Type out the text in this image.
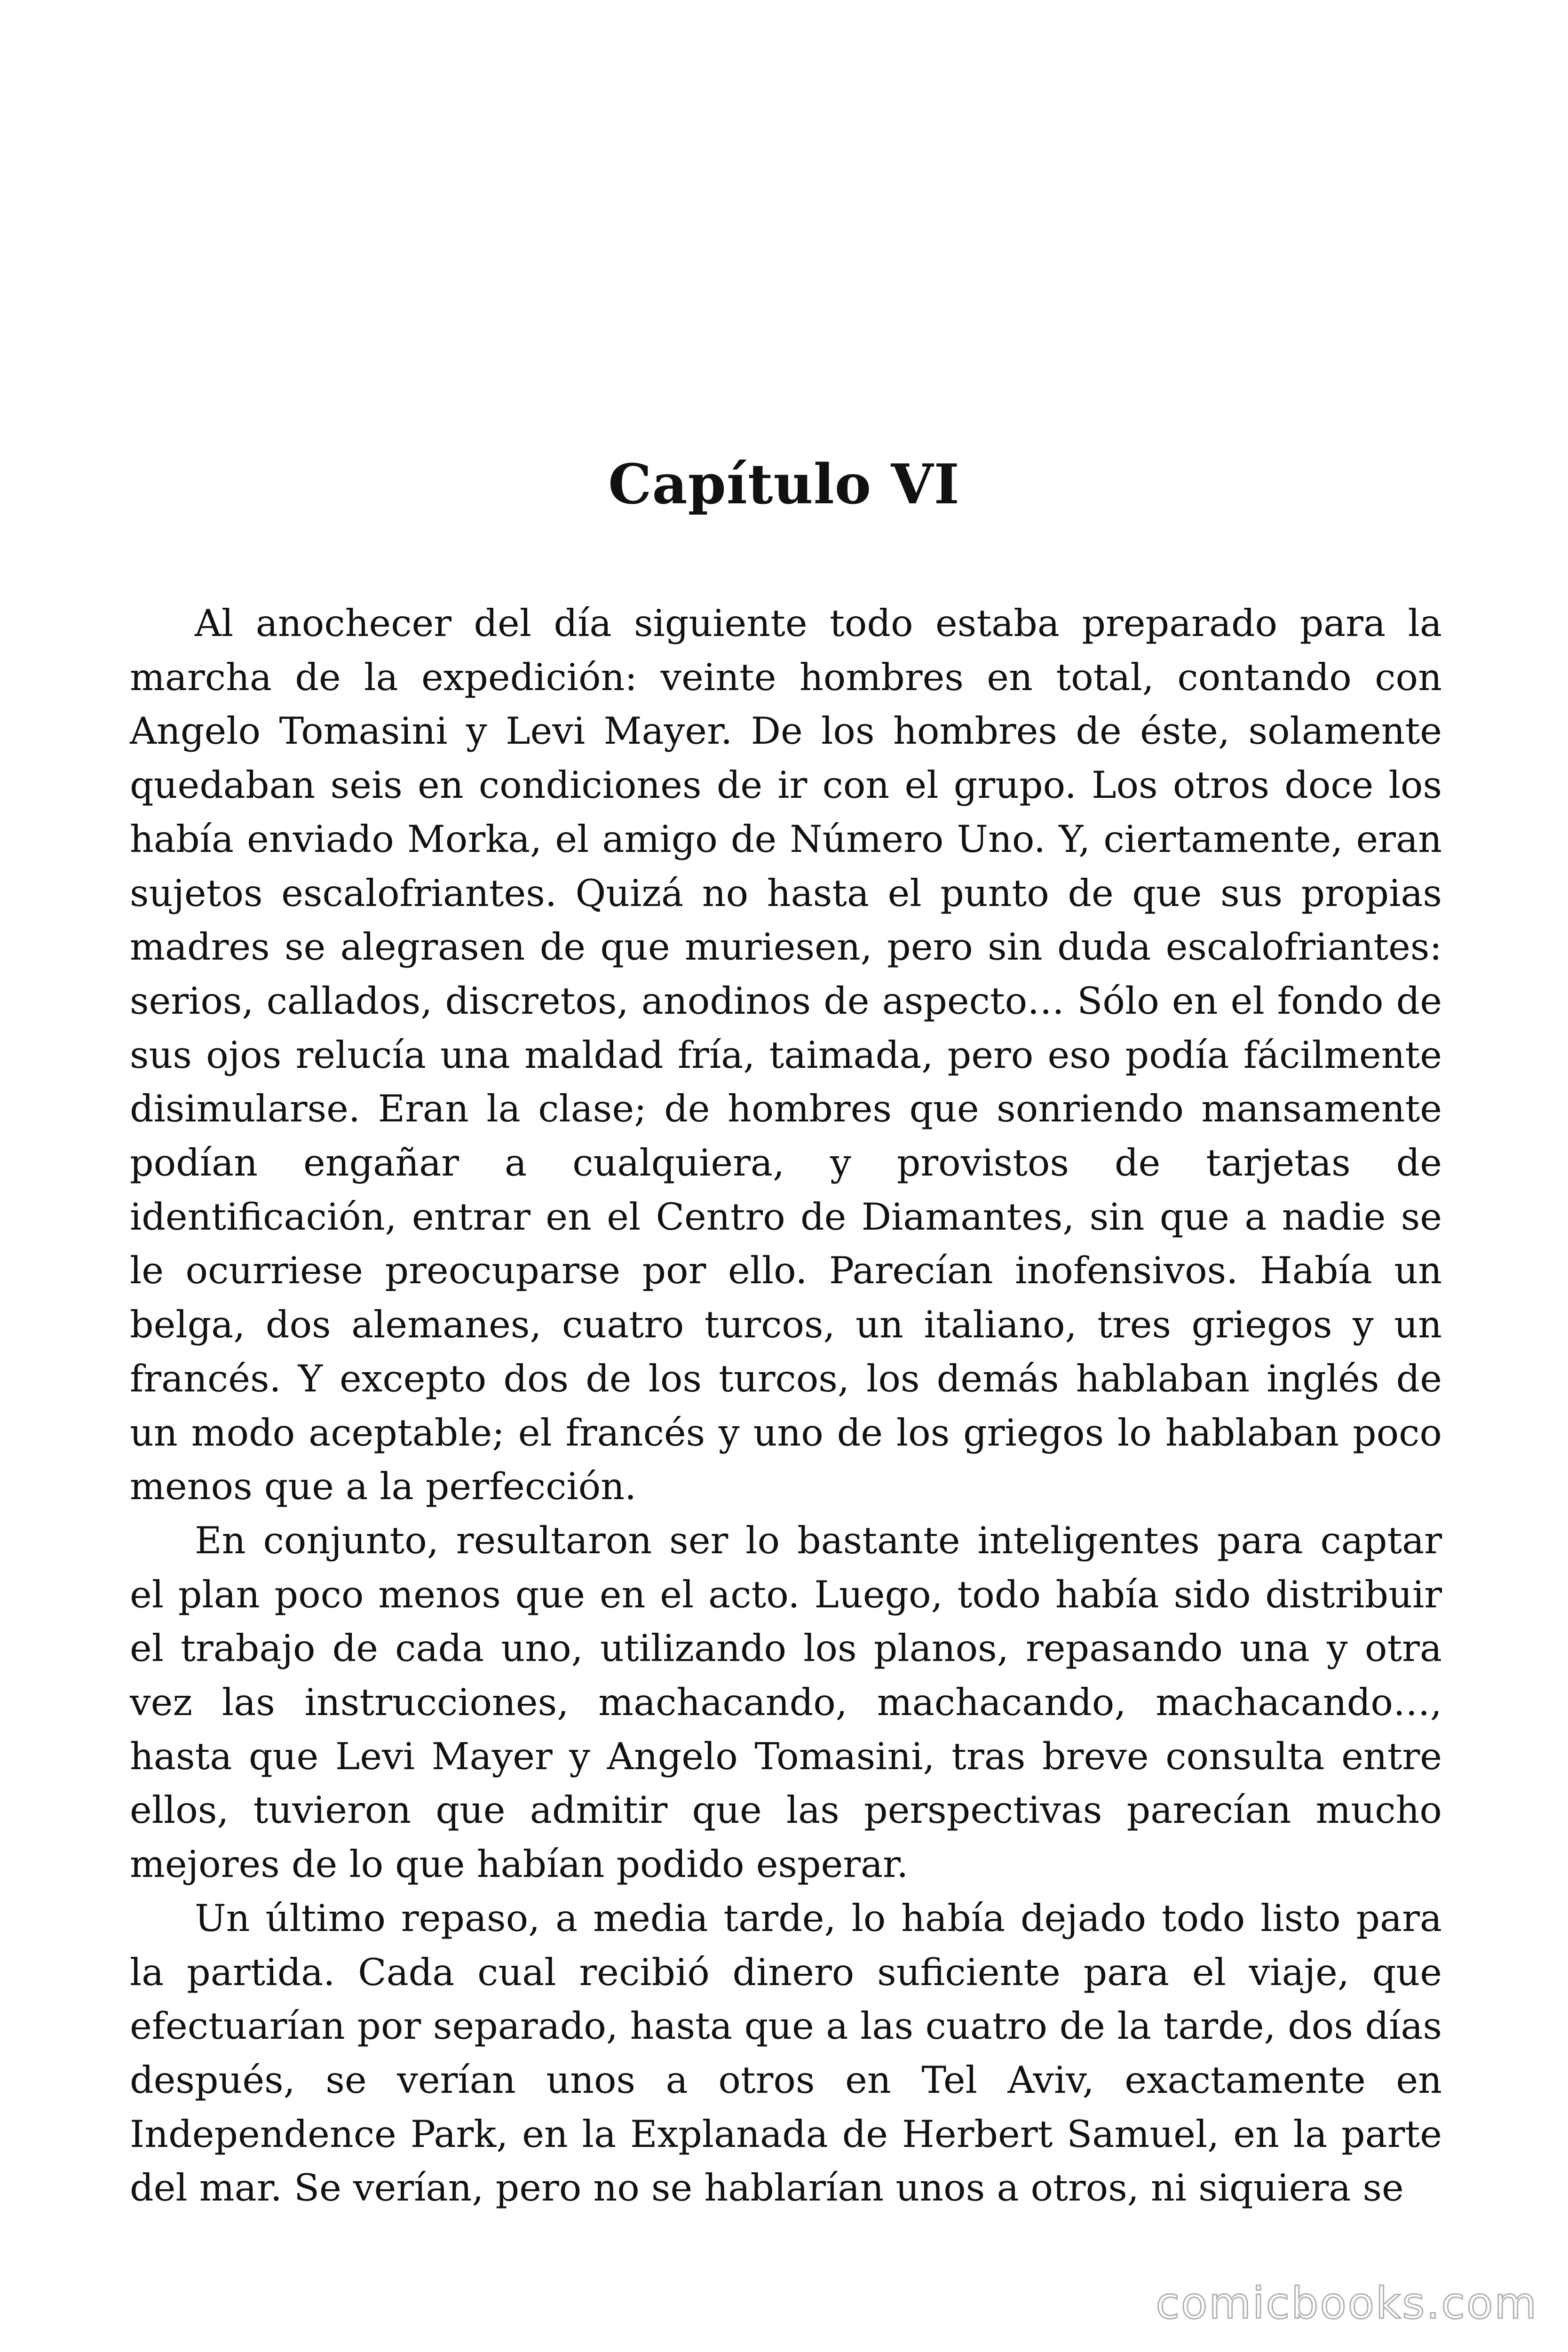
Capítulo VI

Al anochecer del día siguiente todo estaba preparado para la marcha de la expedición: veinte hombres en total, contando con Angelo Tomasini y Levi Mayer. De los hombres de éste, solamente quedaban seis en condiciones de ir con el grupo. Los otros doce los había enviado Morka, el amigo de Número Uno. Y, ciertamente, eran sujetos escalofriantes. Quizá no hasta el punto de que sus propias madres se alegrasen de que muriesen, pero sin duda escalofriantes: serios, callados, discretos, anodinos de aspecto… Sólo en el fondo de sus ojos relucía una maldad fría, taimada, pero eso podía fácilmente disimularse. Eran la clase; de hombres que sonriendo mansamente podían engañar a cualquiera, y provistos de tarjetas de identificación, entrar en el Centro de Diamantes, sin que a nadie se le ocurriese preocuparse por ello. Parecían inofensivos. Había un belga, dos alemanes, cuatro turcos, un italiano, tres griegos y un francés. Y excepto dos de los turcos, los demás hablaban inglés de un modo aceptable; el francés y uno de los griegos lo hablaban poco menos que a la perfección.

En conjunto, resultaron ser lo bastante inteligentes para captar el plan poco menos que en el acto. Luego, todo había sido distribuir el trabajo de cada uno, utilizando los planos, repasando una y otra vez las instrucciones, machacando, machacando, machacando…, hasta que Levi Mayer y Angelo Tomasini, tras breve consulta entre ellos, tuvieron que admitir que las perspectivas parecían mucho mejores de lo que habían podido esperar.

Un último repaso, a media tarde, lo había dejado todo listo para la partida. Cada cual recibió dinero suficiente para el viaje, que efectuarían por separado, hasta que a las cuatro de la tarde, dos días después, se verían unos a otros en Tel Aviv, exactamente en Independence Park, en la Explanada de Herbert Samuel, en la parte del mar. Se verían, pero no se hablarían unos a otros, ni siquiera se

comicbooks.com
